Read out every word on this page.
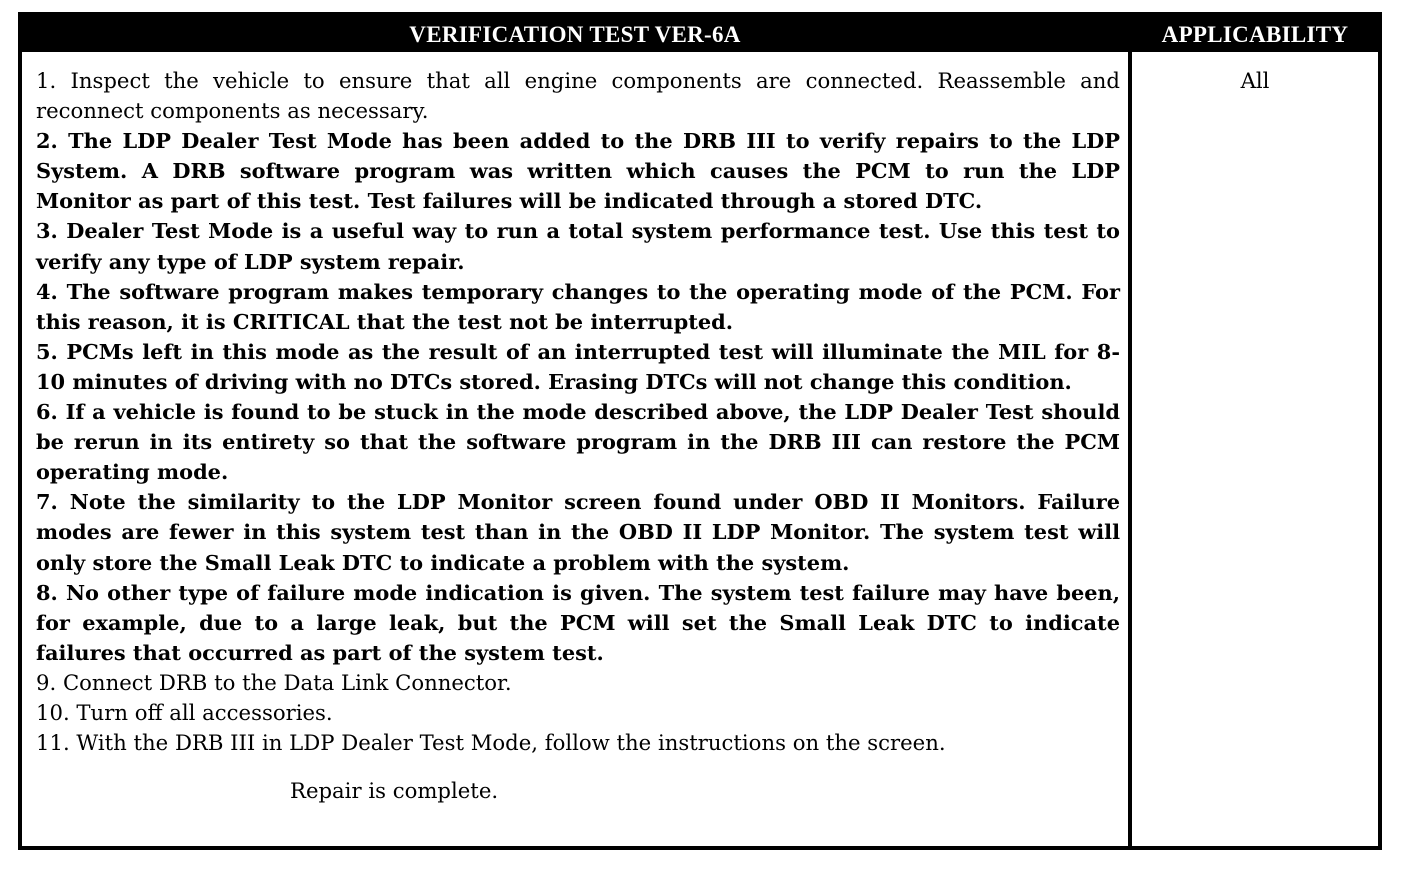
VERIFICATION TEST VER-6A	APPLICABILITY
1. Inspect the vehicle to ensure that all engine components are connected. Reassemble and reconnect components as necessary.
2. The LDP Dealer Test Mode has been added to the DRB III to verify repairs to the LDP System. A DRB software program was written which causes the PCM to run the LDP Monitor as part of this test. Test failures will be indicated through a stored DTC.
3. Dealer Test Mode is a useful way to run a total system performance test. Use this test to verify any type of LDP system repair.
4. The software program makes temporary changes to the operating mode of the PCM. For this reason, it is CRITICAL that the test not be interrupted.
5. PCMs left in this mode as the result of an interrupted test will illuminate the MIL for 8-10 minutes of driving with no DTCs stored. Erasing DTCs will not change this condition.
6. If a vehicle is found to be stuck in the mode described above, the LDP Dealer Test should be rerun in its entirety so that the software program in the DRB III can restore the PCM operating mode.
7. Note the similarity to the LDP Monitor screen found under OBD II Monitors. Failure modes are fewer in this system test than in the OBD II LDP Monitor. The system test will only store the Small Leak DTC to indicate a problem with the system.
8. No other type of failure mode indication is given. The system test failure may have been, for example, due to a large leak, but the PCM will set the Small Leak DTC to indicate failures that occurred as part of the system test.
9. Connect DRB to the Data Link Connector.
10. Turn off all accessories.
11. With the DRB III in LDP Dealer Test Mode, follow the instructions on the screen.
Repair is complete.
All
